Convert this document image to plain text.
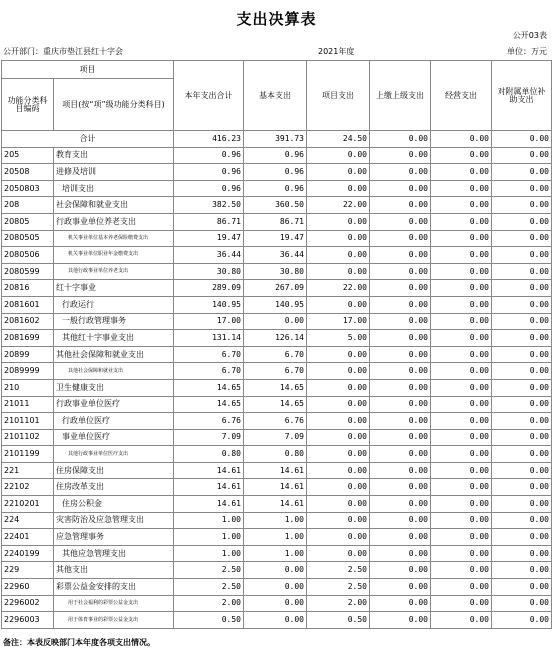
支出决算表
公开03表
公开部门：重庆市垫江县红十字会	2021年度	单位：万元
项目		本年支出合计	基本支出	项目支出	上缴上级支出	经营支出	对附属单位补助支出
功能分类科目编码	项目(按“项”级功能分类科目)						
合计		416.23	391.73	24.50	0.00	0.00	0.00
205	教育支出	0.96	0.96	0.00	0.00	0.00	0.00
20508	进修及培训	0.96	0.96	0.00	0.00	0.00	0.00
2050803	培训支出	0.96	0.96	0.00	0.00	0.00	0.00
208	社会保障和就业支出	382.50	360.50	22.00	0.00	0.00	0.00
20805	行政事业单位养老支出	86.71	86.71	0.00	0.00	0.00	0.00
2080505	机关事业单位基本养老保险缴费支出	19.47	19.47	0.00	0.00	0.00	0.00
2080506	机关事业单位职业年金缴费支出	36.44	36.44	0.00	0.00	0.00	0.00
2080599	其他行政事业单位养老支出	30.80	30.80	0.00	0.00	0.00	0.00
20816	红十字事业	289.09	267.09	22.00	0.00	0.00	0.00
2081601	行政运行	140.95	140.95	0.00	0.00	0.00	0.00
2081602	一般行政管理事务	17.00	0.00	17.00	0.00	0.00	0.00
2081699	其他红十字事业支出	131.14	126.14	5.00	0.00	0.00	0.00
20899	其他社会保障和就业支出	6.70	6.70	0.00	0.00	0.00	0.00
2089999	其他社会保障和就业支出	6.70	6.70	0.00	0.00	0.00	0.00
210	卫生健康支出	14.65	14.65	0.00	0.00	0.00	0.00
21011	行政事业单位医疗	14.65	14.65	0.00	0.00	0.00	0.00
2101101	行政单位医疗	6.76	6.76	0.00	0.00	0.00	0.00
2101102	事业单位医疗	7.09	7.09	0.00	0.00	0.00	0.00
2101199	其他行政事业单位医疗支出	0.80	0.80	0.00	0.00	0.00	0.00
221	住房保障支出	14.61	14.61	0.00	0.00	0.00	0.00
22102	住房改革支出	14.61	14.61	0.00	0.00	0.00	0.00
2210201	住房公积金	14.61	14.61	0.00	0.00	0.00	0.00
224	灾害防治及应急管理支出	1.00	1.00	0.00	0.00	0.00	0.00
22401	应急管理事务	1.00	1.00	0.00	0.00	0.00	0.00
2240199	其他应急管理支出	1.00	1.00	0.00	0.00	0.00	0.00
229	其他支出	2.50	0.00	2.50	0.00	0.00	0.00
22960	彩票公益金安排的支出	2.50	0.00	2.50	0.00	0.00	0.00
2296002	用于社会福利的彩票公益金支出	2.00	0.00	2.00	0.00	0.00	0.00
2296003	用于体育事业的彩票公益金支出	0.50	0.00	0.50	0.00	0.00	0.00
备注：本表反映部门本年度各项支出情况。
